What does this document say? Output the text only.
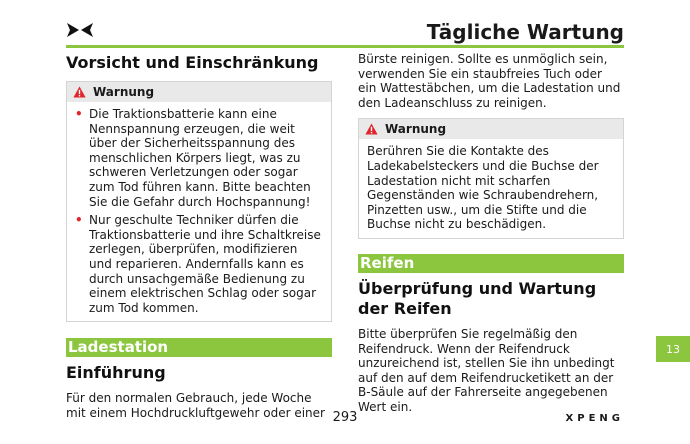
Tägliche Wartung
Vorsicht und Einschränkung
Warnung
• Die Traktionsbatterie kann eine Nennspannung erzeugen, die weit über der Sicherheitsspannung des menschlichen Körpers liegt, was zu schweren Verletzungen oder sogar zum Tod führen kann. Bitte beachten Sie die Gefahr durch Hochspannung!
• Nur geschulte Techniker dürfen die Traktionsbatterie und ihre Schaltkreise zerlegen, überprüfen, modifizieren und reparieren. Andernfalls kann es durch unsachgemäße Bedienung zu einem elektrischen Schlag oder sogar zum Tod kommen.
Ladestation
Einführung

Für den normalen Gebrauch, jede Woche mit einem Hochdruckluftgewehr oder einer

Bürste reinigen. Sollte es unmöglich sein, verwenden Sie ein staubfreies Tuch oder ein Wattestäbchen, um die Ladestation und den Ladeanschluss zu reinigen.

Warnung

Berühren Sie die Kontakte des Ladekabelsteckers und die Buchse der Ladestation nicht mit scharfen Gegenständen wie Schraubendrehern, Pinzetten usw., um die Stifte und die Buchse nicht zu beschädigen.

Reifen
Überprüfung und Wartung der Reifen

Bitte überprüfen Sie regelmäßig den Reifendruck. Wenn der Reifendruck unzureichend ist, stellen Sie ihn unbedingt auf den auf dem Reifendrucketikett an der B-Säule auf der Fahrerseite angegebenen Wert ein.

13
293	XPENG
